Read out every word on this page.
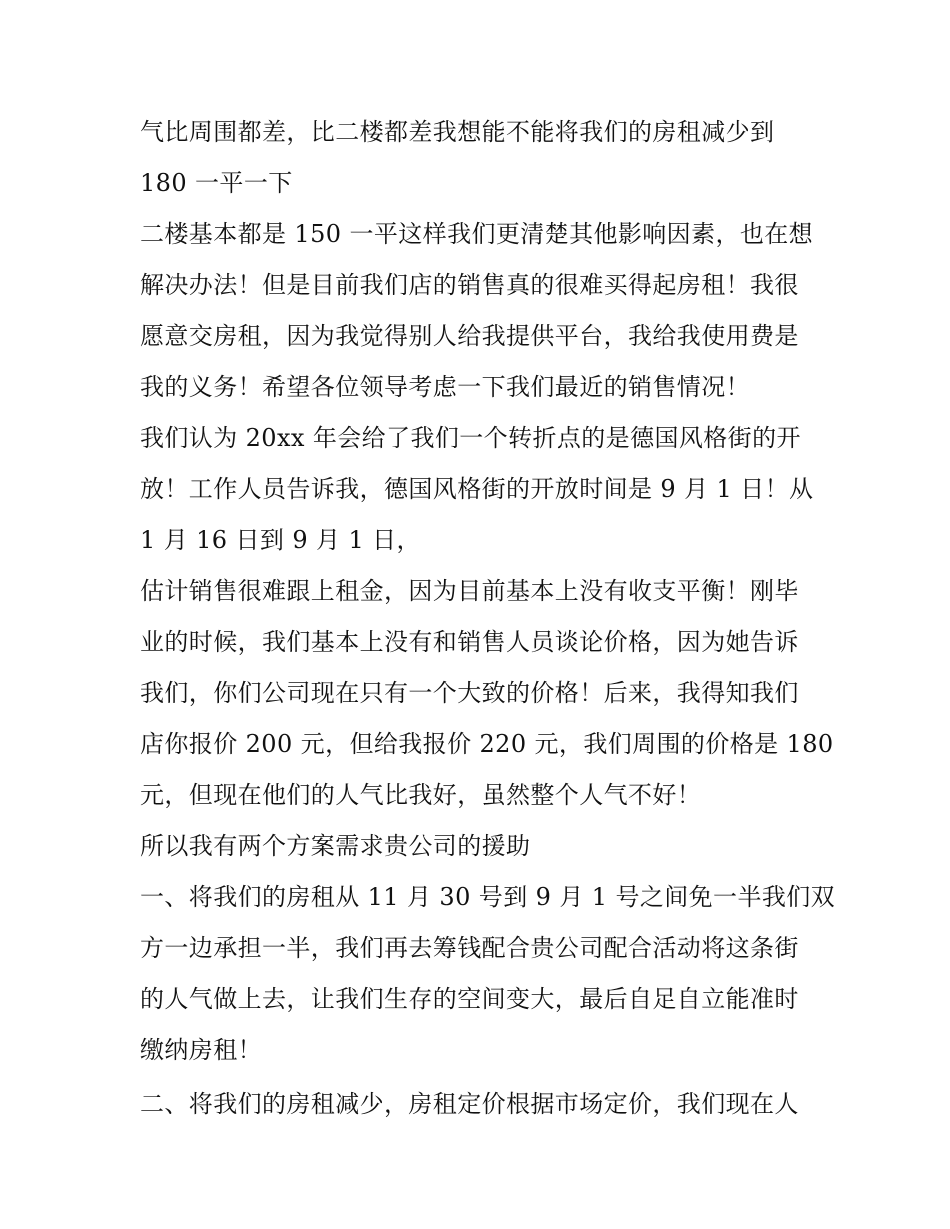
气比周围都差，比二楼都差我想能不能将我们的房租减少到
180 一平一下
二楼基本都是 150 一平这样我们更清楚其他影响因素，也在想
解决办法！但是目前我们店的销售真的很难买得起房租！我很
愿意交房租，因为我觉得别人给我提供平台，我给我使用费是
我的义务！希望各位领导考虑一下我们最近的销售情况！
我们认为 20xx 年会给了我们一个转折点的是德国风格街的开
放！工作人员告诉我，德国风格街的开放时间是 9 月 1 日！从
1 月 16 日到 9 月 1 日，
估计销售很难跟上租金，因为目前基本上没有收支平衡！刚毕
业的时候，我们基本上没有和销售人员谈论价格，因为她告诉
我们，你们公司现在只有一个大致的价格！后来，我得知我们
店你报价 200 元，但给我报价 220 元，我们周围的价格是 180
元，但现在他们的人气比我好，虽然整个人气不好！
所以我有两个方案需求贵公司的援助
一、将我们的房租从 11 月 30 号到 9 月 1 号之间免一半我们双
方一边承担一半，我们再去筹钱配合贵公司配合活动将这条街
的人气做上去，让我们生存的空间变大，最后自足自立能准时
缴纳房租！
二、将我们的房租减少，房租定价根据市场定价，我们现在人
